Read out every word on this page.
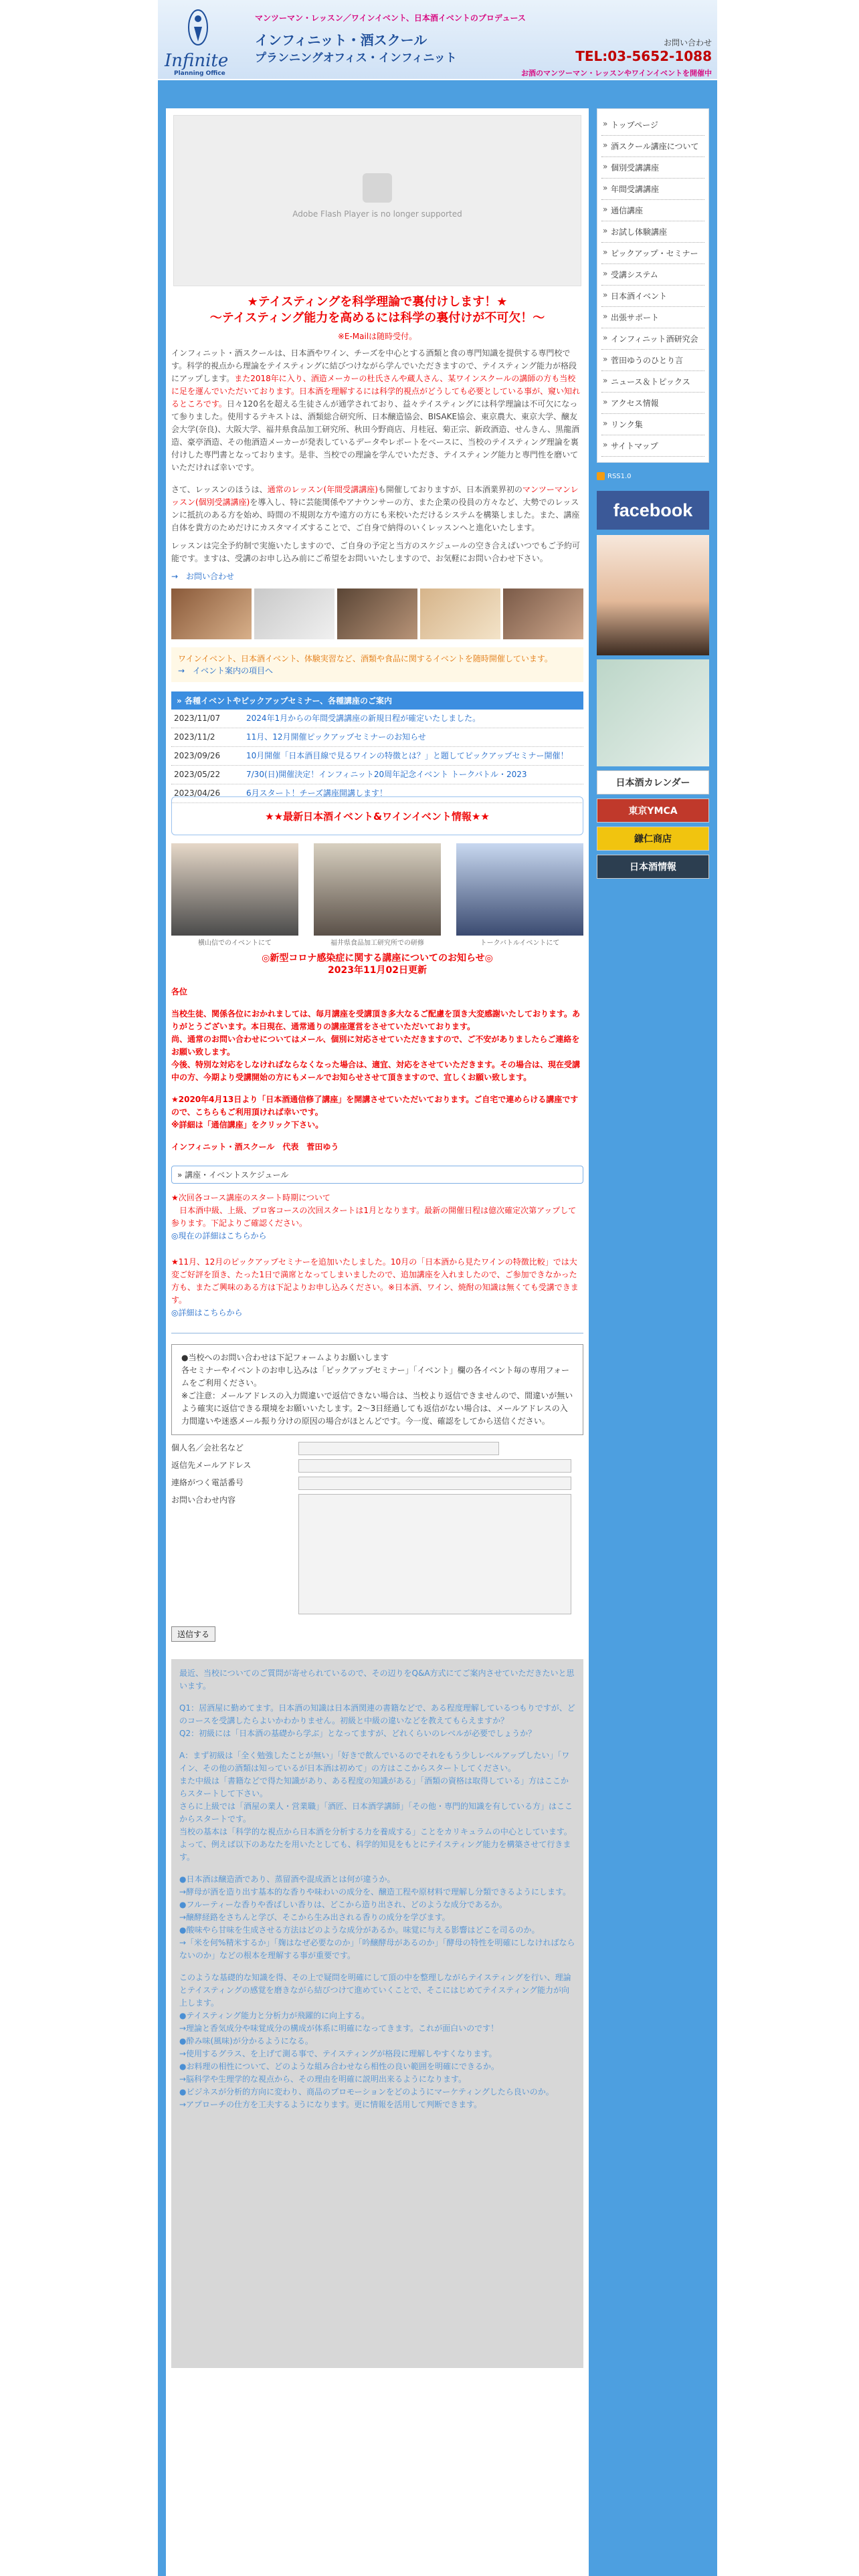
Infinite
Planning Office
マンツーマン・レッスン／ワインイベント、日本酒イベントのプロデュース
インフィニット・酒スクール
プランニングオフィス・インフィニット
お問い合わせ
TEL:03-5652-1088
お酒のマンツーマン・レッスンやワインイベントを開催中
Adobe Flash Player is no longer supported
★テイスティングを科学理論で裏付けします！★
～テイスティング能力を高めるには科学の裏付けが不可欠！～
※E-Mailは随時受付。
インフィニット・酒スクールは、日本酒やワイン、チーズを中心とする酒類と食の専門知識を提供する専門校です。科学的視点から理論をテイスティングに結びつけながら学んでいただきますので、テイスティング能力が格段にアップします。また2018年に入り、酒造メーカーの杜氏さんや蔵人さん、某ワインスクールの講師の方も当校に足を運んでいただいております。日本酒を理解するには科学的視点がどうしても必要としている事が、窺い知れるところです。日々120名を超える生徒さんが通学されており、益々テイスティングには科学理論は不可欠になって参りました。使用するテキストは、酒類総合研究所、日本醸造協会、BISAKE協会、東京農大、東京大学、醸友会大学(奈良)、大阪大学、福井県食品加工研究所、秋田今野商店、月桂冠、菊正宗、新政酒造、せんきん、黒龍酒造、豪亭酒造、その他酒造メーカーが発表しているデータやレポートをベースに、当校のテイスティング理論を裏付けした専門書となっております。是非、当校での理論を学んでいただき、テイスティング能力と専門性を磨いていただければ幸いです。
さて、レッスンのほうは、通常のレッスン(年間受講講座)も開催しておりますが、日本酒業界初のマンツーマンレッスン(個別受講講座)を導入し、特に芸能関係やアナウンサーの方、また企業の役員の方々など、大勢でのレッスンに抵抗のある方を始め、時間の不規則な方や遠方の方にも来校いただけるシステムを構築しました。また、講座自体を貴方のためだけにカスタマイズすることで、ご自身で納得のいくレッスンへと進化いたします。
レッスンは完全予約制で実施いたしますので、ご自身の予定と当方のスケジュールの空き合えばいつでもご予約可能です。ますは、受講のお申し込み前にご希望をお問いいたしますので、お気軽にお問い合わせ下さい。
→　お問い合わせ
ワインイベント、日本酒イベント、体験実習など、酒類や食品に関するイベントを随時開催しています。
→　イベント案内の項目へ
» 各種イベントやピックアップセミナー、各種講座のご案内
2023/11/07	2024年1月からの年間受講講座の新規日程が確定いたしました。
2023/11/2	11月、12月開催ピックアップセミナーのお知らせ
2023/09/26	10月開催「日本酒目線で見るワインの特徴とは？」と題してピックアップセミナー開催！
2023/05/22	7/30(日)開催決定！インフィニット20周年記念イベント トークバトル・2023
2023/04/26	6月スタート！チーズ講座開講します！
★★最新日本酒イベント&ワインイベント情報★★
横山信でのイベントにて	福井県食品加工研究所での研修	トークバトルイベントにて
◎新型コロナ感染症に関する講座についてのお知らせ◎
2023年11月02日更新
各位
当校生徒、関係各位におかれましては、毎月講座を受講頂き多大なるご配慮を頂き大変感謝いたしております。ありがとうございます。本日現在、通常通りの講座運営をさせていただいております。
尚、通常のお問い合わせについてはメール、個別に対応させていただきますので、ご不安がありましたらご連絡をお願い致します。
今後、特別な対応をしなければならなくなった場合は、適宜、対応をさせていただきます。その場合は、現在受講中の方、今期より受講開始の方にもメールでお知らせさせて頂きますので、宜しくお願い致します。
★2020年4月13日より「日本酒通信修了講座」を開講させていただいております。ご自宅で連めらける講座ですので、こちらもご利用頂ければ幸いです。
※詳細は「通信講座」をクリック下さい。
インフィニット・酒スクール　代表　菅田ゆう
» 講座・イベントスケジュール
★次回各コース講座のスタート時期について
　日本酒中級、上級、プロ客コースの次回スタートは1月となります。最新の開催日程は億次確定次第アップして参ります。下記よりご確認ください。
◎現在の詳細はこちらから
★11月、12月のピックアップセミナーを追加いたしました。10月の「日本酒から見たワインの特徴比較」では大変ご好評を頂き、たった1日で満席となってしまいましたので、追加講座を入れましたので、ご参加できなかった方も、またご興味のある方は下記よりお申し込みください。※日本酒、ワイン、焼酎の知識は無くても受講できます。
◎詳細はこちらから
●当校へのお問い合わせは下記フォームよりお願いします
各セミナーやイベントのお申し込みは「ピックアップセミナー」「イベント」欄の各イベント毎の専用フォームをご利用ください。
※ご注意：メールアドレスの入力間違いで返信できない場合は、当校より返信できませんので、間違いが無いよう確実に返信できる環境をお願いいたします。2〜3日経過しても返信がない場合は、メールアドレスの入力間違いや迷惑メール振り分けの原因の場合がほとんどです。今一度、確認をしてから送信ください。
個人名／会社名など
返信先メールアドレス
連絡がつく電話番号
お問い合わせ内容
送信する

最近、当校についてのご質問が寄せられているので、その辺りをQ&A方式にてご案内させていただきたいと思います。

Q1：居酒屋に勤めてます。日本酒の知識は日本酒関連の書籍などで、ある程度理解しているつもりですが、どのコースを受講したらよいかわかりません。初級と中級の違いなどを教えてもらえますか？
Q2：初級には「日本酒の基礎から学ぶ」となってますが、どれくらいのレベルが必要でしょうか？

A：まず初級は「全く勉強したことが無い」「好きで飲んでいるのでそれをもう少しレベルアップしたい」「ワイン、その他の酒類は知っているが日本酒は初めて」の方はここからスタートしてください。
また中級は「書籍などで得た知識があり、ある程度の知識がある」「酒類の資格は取得している」方はここからスタートして下さい。
さらに上級では「酒屋の業人・営業職」「酒匠、日本酒学講師」「その他・専門的知識を有している方」はここからスタートです。
当校の基本は「科学的な視点から日本酒を分析する力を養成する」ことをカリキュラムの中心としています。
よって、例えば以下のあなたを用いたとしても、科学的知見をもとにテイスティング能力を構築させて行きます。

●日本酒は醸造酒であり、蒸留酒や混成酒とは何が違うか。
→酵母が酒を造り出す基本的な香りや味わいの成分を、醸造工程や原材料で理解し分類できるようにします。
●フルーティーな香りや香ばしい香りは、どこから造り出され、どのような成分であるか。
→醸酵経路をさちんと学び、そこから生み出される香りの成分を学びます。
●酸味やら甘味を生成させる方法はどのような成分があるか。味覚に与える影響はどこを司るのか。
→「米を何%精米するか」「麹はなぜ必要なのか」「吟醸酵母があるのか」「酵母の特性を明確にしなければならないのか」などの根本を理解する事が重要です。

このような基礎的な知識を得、その上で疑問を明確にして頂の中を整理しながらテイスティングを行い、理論とテイスティングの感覚を磨きながら結びつけて進めていくことで、そこにはじめてテイスティング能力が向上します。
●テイスティング能力と分析力が飛躍的に向上する。
→理論と香気成分や味覚成分の構成が体系に明確になってきます。これが面白いのです！
●酔み味(風味)が分かるようになる。
→使用するグラス、を上げて測る事で、テイスティングが格段に理解しやすくなります。
●お料理の相性について、どのような組み合わせなら相性の良い範囲を明確にできるか。
→脳科学や生理学的な視点から、その理由を明確に説明出来るようになります。
●ビジネスが分析的方向に変わり、商品のプロモーションをどのようにマーケティングしたら良いのか。
→アプローチの仕方を工夫するようになります。更に情報を活用して判断できます。

» トップページ
» 酒スクール講座について
» 個別受講講座
» 年間受講講座
» 通信講座
» お試し体験講座
» ピックアップ・セミナー
» 受講システム
» 日本酒イベント
» 出張サポート
» インフィニット酒研究会
» 菅田ゆうのひとり言
» ニュース＆トピックス
» アクセス情報
» リンク集
» サイトマップ
RSS1.0
facebook
日本酒カレンダー
東京YMCA
鎌仁商店
日本酒情報
